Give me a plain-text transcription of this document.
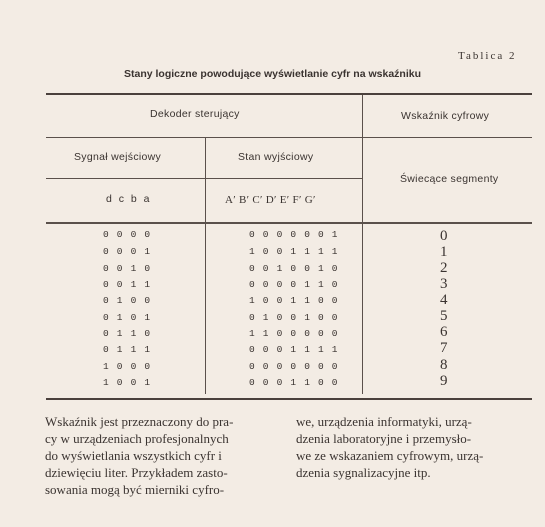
Tablica 2
Stany logiczne powodujące wyświetlanie cyfr na wskaźniku
Dekoder sterujący	Wskaźnik cyfrowy
Sygnał wejściowy	Stan wyjściowy
Świecące segmenty
d c b a	A′ B′ C′ D′ E′ F′ G′
0 0 0 0	0 0 0 0 0 0 1	0
0 0 0 1	1 0 0 1 1 1 1	1
0 0 1 0	0 0 1 0 0 1 0	2
0 0 1 1	0 0 0 0 1 1 0	3
0 1 0 0	1 0 0 1 1 0 0	4
0 1 0 1	0 1 0 0 1 0 0	5
0 1 1 0	1 1 0 0 0 0 0	6
0 1 1 1	0 0 0 1 1 1 1	7
1 0 0 0	0 0 0 0 0 0 0	8
1 0 0 1	0 0 0 1 1 0 0	9
Wskaźnik jest przeznaczony do pra-
cy w urządzeniach profesjonalnych
do wyświetlania wszystkich cyfr i
dziewięciu liter. Przykładem zasto-
sowania mogą być mierniki cyfro-
we, urządzenia informatyki, urzą-
dzenia laboratoryjne i przemysło-
we ze wskazaniem cyfrowym, urzą-
dzenia sygnalizacyjne itp.
